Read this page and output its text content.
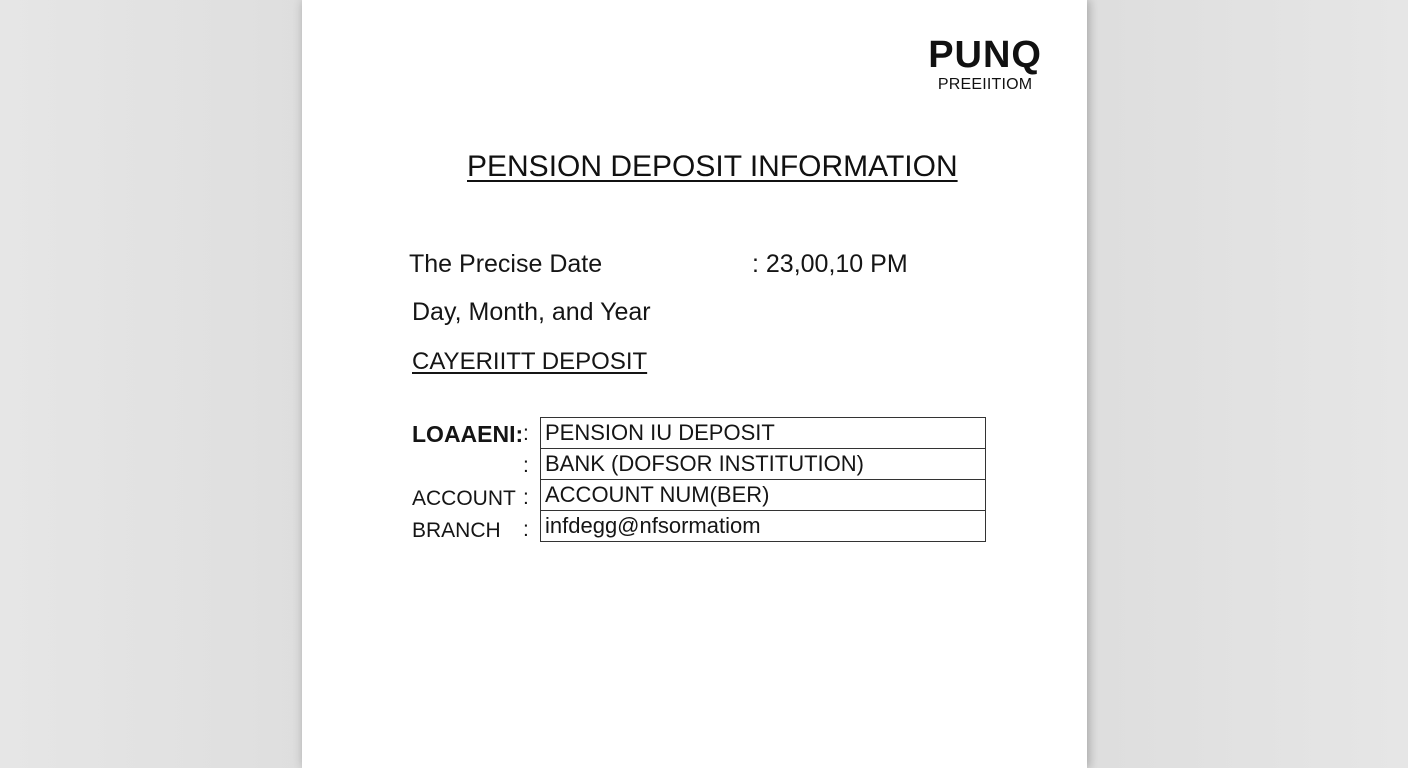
PUNQ
PREEIITIOM
PENSION DEPOSIT INFORMATION
The Precise Date	: 23,00,10 PM
Day, Month, and Year
CAYERIITT DEPOSIT
LOAAENI:
ACCOUNT
BRANCH
:
:
:
:
PENSION IU DEPOSIT
BANK (DOFSOR INSTITUTION)
ACCOUNT NUM(BER)
infdegg@nfsormatiom
